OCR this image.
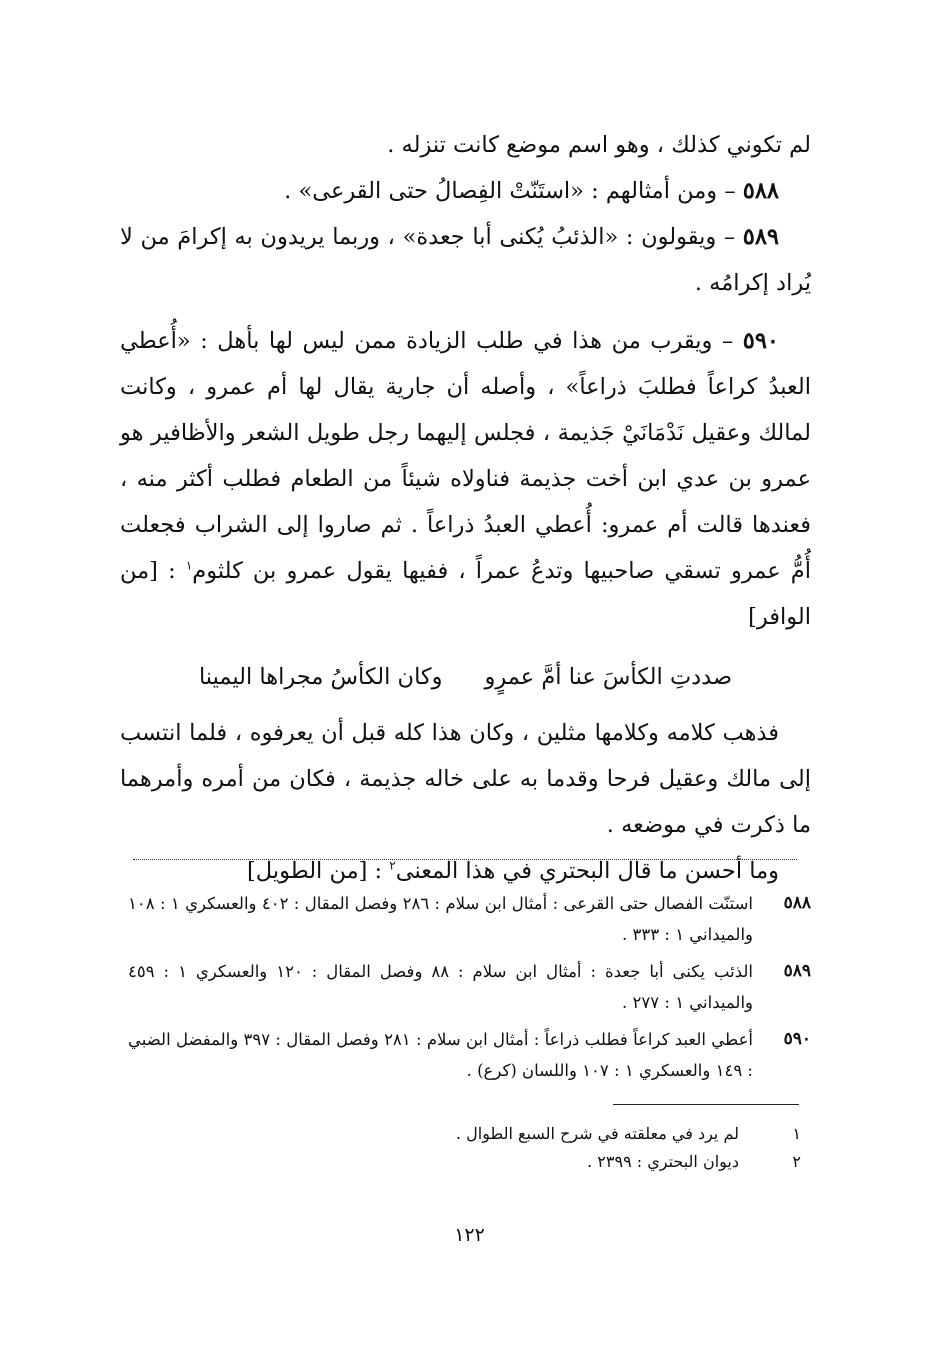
لم تكوني كذلك ، وهو اسم موضع كانت تنزله .

٥٨٨ – ومن أمثالهم : «استَنّتْ الفِصالُ حتى القرعى» .

٥٨٩ – ويقولون : «الذئبُ يُكنى أبا جعدة» ، وربما يريدون به إكرامَ من لا يُراد إكرامُه .

٥٩٠ – ويقرب من هذا في طلب الزيادة ممن ليس لها بأهل : «أُعطي العبدُ كراعاً فطلبَ ذراعاً» ، وأصله أن جارية يقال لها أم عمرو ، وكانت لمالك وعقيل نَدْمَانَيْ جَذيمة ، فجلس إليهما رجل طويل الشعر والأظافير هو عمرو بن عدي ابن أخت جذيمة فناولاه شيئاً من الطعام فطلب أكثر منه ، فعندها قالت أم عمرو: أُعطي العبدُ ذراعاً . ثم صاروا إلى الشراب فجعلت أُمُّ عمرو تسقي صاحبيها وتدعُ عمراً ، ففيها يقول عمرو بن كلثوم$^١$ : [من الوافر]

صددتِ الكأسَ عنا أمَّ عمرٍو
وكان الكأسُ مجراها اليمينا

فذهب كلامه وكلامها مثلين ، وكان هذا كله قبل أن يعرفوه ، فلما انتسب إلى مالك وعقيل فرحا وقدما به على خاله جذيمة ، فكان من أمره وأمرهما ما ذكرت في موضعه .

وما أحسن ما قال البحتري في هذا المعنى$^٢$ : [من الطويل]

٥٨٨
استنّت الفصال حتى القرعى : أمثال ابن سلام : ٢٨٦ وفصل المقال : ٤٠٢ والعسكري ١ : ١٠٨ والميداني ١ : ٣٣٣ .
٥٨٩
الذئب يكنى أبا جعدة : أمثال ابن سلام : ٨٨ وفصل المقال : ١٢٠ والعسكري ١ : ٤٥٩ والميداني ١ : ٢٧٧ .
٥٩٠
أعطي العبد كراعاً فطلب ذراعاً : أمثال ابن سلام : ٢٨١ وفصل المقال : ٣٩٧ والمفضل الضبي : ١٤٩ والعسكري ١ : ١٠٧ واللسان (كرع) .
١
لم يرد في معلقته في شرح السبع الطوال .
٢
ديوان البحتري : ٢٣٩٩ .
١٢٢
